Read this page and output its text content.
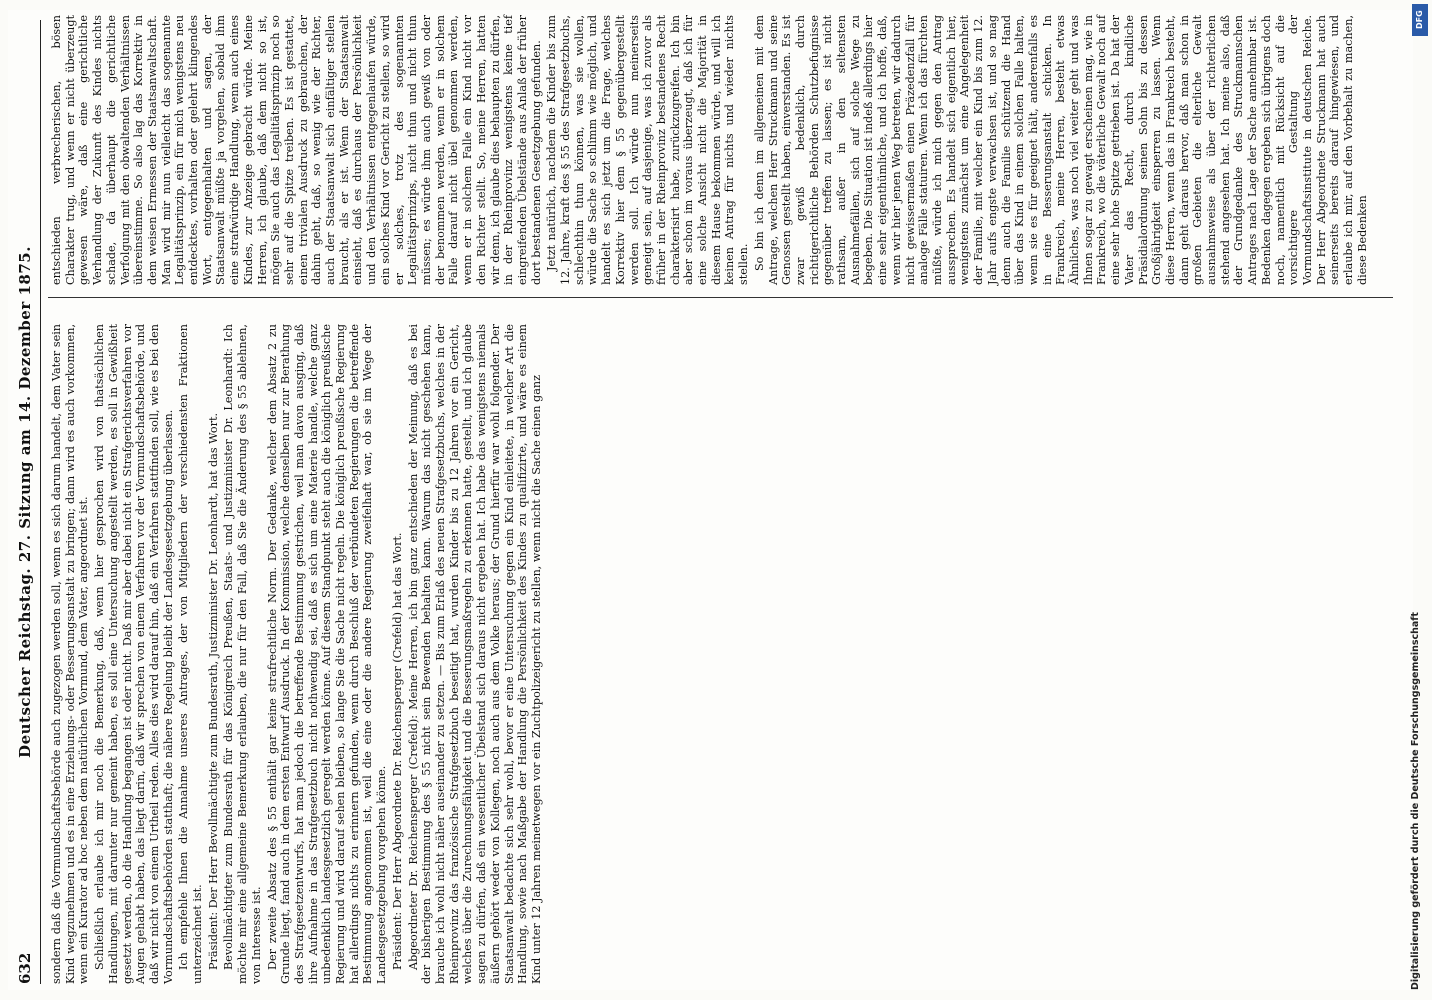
632
Deutscher Reichstag. 27. Sitzung am 14. Dezember 1875. sondern daß die Vormundschaftsbehörde auch zugezogen werden soll, wenn es sich darum handelt, dem Vater sein Kind wegzunehmen und es in eine Erziehungs- oder Besserungsanstalt zu bringen; dann wird es auch vorkommen, wenn ein Kurator ad hoc neben dem natürlichen Vormund, dem Vater, angeordnet ist. Schließlich erlaube ich mir noch die Bemerkung, daß, wenn hier gesprochen wird von thatsächlichen Handlungen, mit darunter nur gemeint haben, es soll eine Untersuchung angestellt werden, es soll in Gewißheit gesetzt werden, ob die Handlung begangen ist oder nicht. Daß mir aber dabei nicht ein Strafgerichtsverfahren vor Augen gehabt haben, das liegt darin, daß wir sprechen von einem Verfahren vor der Vormundschaftsbehörde, und daß wir nicht von einem Urtheil reden. Alles dies wird darauf hin, daß ein Verfahren stattfinden soll, wie es bei den Vormundschaftsbehörden statthaft; die nähere Regelung bleibt der Landesgesetzgebung überlassen. Ich empfehle Ihnen die Annahme unseres Antrages, der von Mitgliedern der verschiedensten Fraktionen unterzeichnet ist. Präsident: Der Herr Bevollmächtigte zum Bundesrath, Justizminister Dr. Leonhardt, hat das Wort. Bevollmächtigter zum Bundesrath für das Königreich Preußen, Staats- und Justizminister Dr. Leonhardt: Ich möchte mir eine allgemeine Bemerkung erlauben, die nur für den Fall, daß Sie die Änderung des § 55 ablehnen, von Interesse ist. Der zweite Absatz des § 55 enthält gar keine strafrechtliche Norm. Der Gedanke, welcher dem Absatz 2 zu Grunde liegt, fand auch in dem ersten Entwurf Ausdruck. In der Kommission, welche denselben nur zur Berathung des Strafgesetzentwurfs, hat man jedoch die betreffende Bestimmung gestrichen, weil man davon ausging, daß ihre Aufnahme in das Strafgesetzbuch nicht nothwendig sei, daß es sich um eine Materie handle, welche ganz unbedenklich landesgesetzlich geregelt werden könne. Auf diesem Standpunkt steht auch die königlich preußische Regierung und wird darauf sehen bleiben, so lange Sie die Sache nicht regeln. Die königlich preußische Regierung hat allerdings nichts zu erinnern gefunden, wenn durch Beschluß der verbündeten Regierungen die betreffende Bestimmung angenommen ist, weil die eine oder die andere Regierung zweifelhaft war, ob sie im Wege der Landesgesetzgebung vorgehen könne. Präsident: Der Herr Abgeordnete Dr. Reichensperger (Crefeld) hat das Wort. Abgeordneter Dr. Reichensperger (Crefeld): Meine Herren, ich bin ganz entschieden der Meinung, daß es bei der bisherigen Bestimmung des § 55 nicht sein Bewenden behalten kann. Warum das nicht geschehen kann, brauche ich wohl nicht näher auseinander zu setzen. — Bis zum Erlaß des neuen Strafgesetzbuchs, welches in der Rheinprovinz das französische Strafgesetzbuch beseitigt hat, wurden Kinder bis zu 12 Jahren vor ein Gericht, welches über die Zurechnungsfähigkeit und die Besserungsmaßregeln zu erkennen hatte, gestellt, und ich glaube sagen zu dürfen, daß ein wesentlicher Übelstand sich daraus nicht ergeben hat. Ich habe das wenigstens niemals äußern gehört weder von Kollegen, noch auch aus dem Volke heraus; der Grund hierfür war wohl folgender. Der Staatsanwalt bedachte sich sehr wohl, bevor er eine Untersuchung gegen ein Kind einleitete, in welcher Art die Handlung, sowie nach Maßgabe der Handlung die Persönlichkeit des Kindes zu qualifizirte, und wäre es einem Kind unter 12 Jahren meinetwegen vor ein Zuchtpolizeigericht zu stellen, wenn nicht die Sache einen ganz

entschieden verbrecherischen, bösen Charakter trug, und wenn er nicht überzeugt gewesen wäre, daß eine gerichtliche Verhandlung der Zukunft des Kindes nichts schade, da überhaupt die gerichtliche Verfolgung mit den obwaltenden Verhältnissen übereinstimme. So also lag das Korrektiv in dem weisen Ermessen der Staatsanwaltschaft. Man wird mir nun vielleicht das sogenannte Legalitätsprinzip, ein für mich wenigstens neu entdecktes, vorhalten oder gelehrt klingendes Wort, entgegenhalten und sagen, der Staatsanwalt müßte ja vorgehen, sobald ihm eine strafwürdige Handlung, wenn auch eines Kindes, zur Anzeige gebracht würde. Meine Herren, ich glaube, daß dem nicht so ist, mögen Sie auch das Legalitätsprinzip noch so sehr auf die Spitze treiben. Es ist gestattet, einen trivialen Ausdruck zu gebrauchen, der dahin geht, daß, so wenig wie der Richter, auch der Staatsanwalt sich einfältiger stellen braucht, als er ist. Wenn der Staatsanwalt einsieht, daß es durchaus der Persönlichkeit und den Verhältnissen entgegenlaufen würde, ein solches Kind vor Gericht zu stellen, so wird er solches, trotz des sogenannten Legalitätsprinzips, nicht thun und nicht thun müssen; es würde ihm auch gewiß von oder der benommen werden, wenn er in solchem Falle darauf nicht übel genommen werden, wenn er in solchem Falle ein Kind nicht vor den Richter stellt. So, meine Herren, hatten wir denn, ich glaube dies behaupten zu dürfen, in der Rheinprovinz wenigstens keine tief eingreifenden Übelstände aus Anlaß der früher dort bestandenen Gesetzgebung gefunden. Jetzt natürlich, nachdem die Kinder bis zum 12. Jahre, kraft des § 55 des Strafgesetzbuchs, schlechthin thun können, was sie wollen, würde die Sache so schlimm wie möglich, und handelt es sich jetzt um die Frage, welches Korrektiv hier dem § 55 gegenübergestellt werden soll. Ich würde nun meinerseits geneigt sein, auf dasjenige, was ich zuvor als früher in der Rheinprovinz bestandenes Recht charakterisirt habe, zurückzugreifen. Ich bin aber schon im voraus überzeugt, daß ich für eine solche Ansicht nicht die Majorität in diesem Hause bekommen würde, und will ich keinen Antrag für nichts und wieder nichts stellen. So bin ich denn im allgemeinen mit dem Antrage, welchen Herr Struckmann und seine Genossen gestellt haben, einverstanden. Es ist zwar gewiß bedenklich, durch richtigerichtliche Behörden Schutzbefugnisse gegenüber treffen zu lassen; es ist nicht rathsam, außer in den seltensten Ausnahmefällen, sich auf solche Wege zu begeben. Die Situation ist indeß allerdings hier eine sehr eigenthümliche, und ich hoffe, daß, wenn wir hier jenen Weg betreten, wir dadurch nicht gewissermaßen einen Präzedenzfall für analoge Fälle statuiren. Wenn ich das fürchten müßte, würde ich mich gegen den Antrag aussprechen. Es handelt sich eigentlich hier, wenigstens zunächst um eine Angelegenheit der Familie, mit welcher ein Kind bis zum 12. Jahr aufs engste verwachsen ist, und so mag denn auch die Familie schützend die Hand über das Kind in einem solchen Falle halten, wenn sie es für geeignet hält, anderenfalls es in eine Besserungsanstalt schicken. In Frankreich, meine Herren, besteht etwas Ähnliches, was noch viel weiter geht und was Ihnen sogar zu gewagt erscheinen mag, wie in Frankreich, wo die väterliche Gewalt noch auf eine sehr hohe Spitze getrieben ist. Da hat der Vater das Recht, durch kindliche Präsidialordnung seinen Sohn bis zu dessen Großjährigkeit einsperren zu lassen. Wenn diese Herren, wenn das in Frankreich besteht, dann geht daraus hervor, daß man schon in großen Gebieten die elterliche Gewalt ausnahmsweise als über der richterlichen stehend angesehen hat. Ich meine also, daß der Grundgedanke des Struckmannschen Antrages nach Lage der Sache annehmbar ist. Bedenken dagegen ergeben sich übrigens doch noch, namentlich mit Rücksicht auf die vorsichtigere Gestaltung der Vormundschaftsinstitute in deutschen Reiche. Der Herr Abgeordnete Struckmann hat auch seinerseits bereits darauf hingewiesen, und erlaube ich mir, auf den Vorbehalt zu machen, diese Bedenken

Digitalisierung gefördert durch die Deutsche Forschungsgemeinschaft
DFG
